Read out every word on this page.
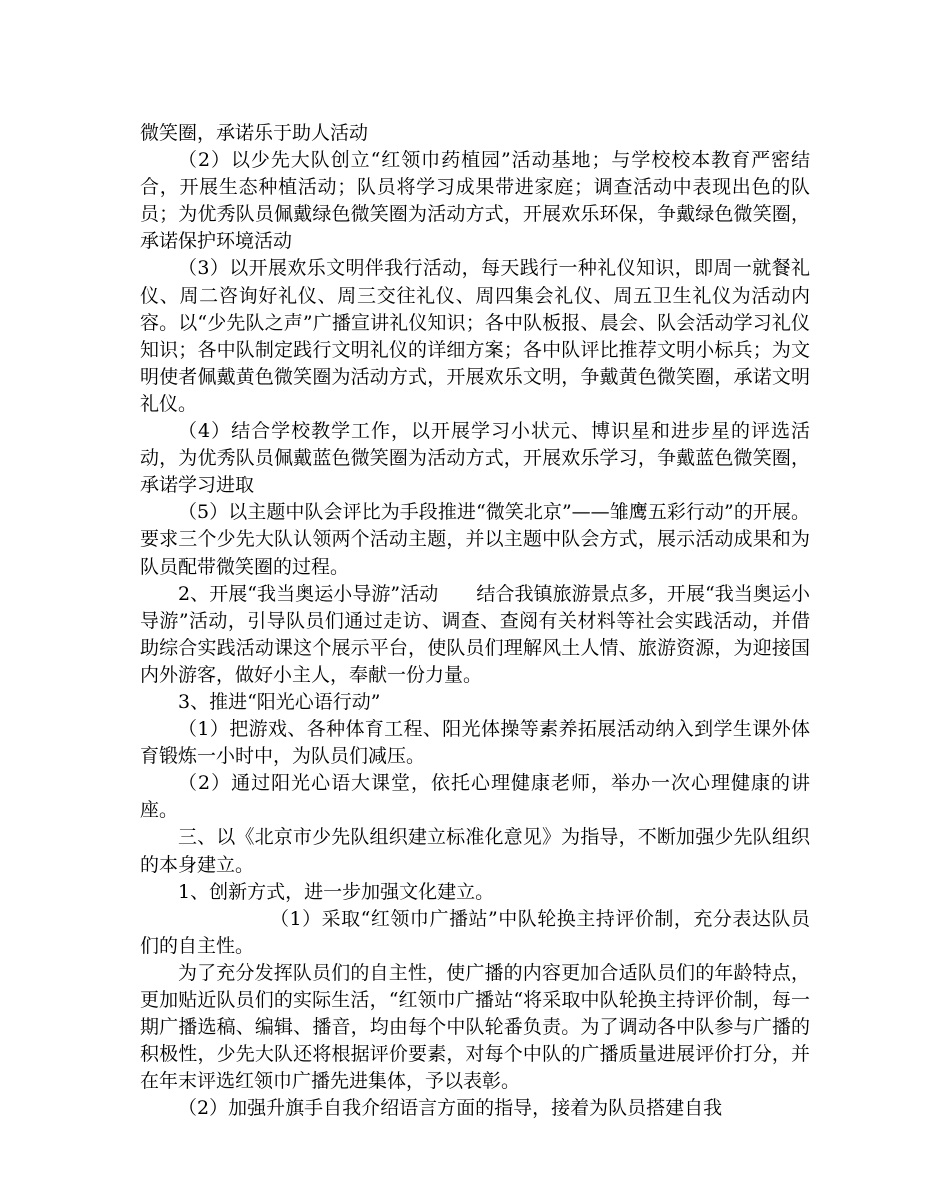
微笑圈，承诺乐于助人活动

（2）以少先大队创立“红领巾药植园”活动基地；与学校校本教育严密结合，开展生态种植活动；队员将学习成果带进家庭；调查活动中表现出色的队员；为优秀队员佩戴绿色微笑圈为活动方式，开展欢乐环保，争戴绿色微笑圈，承诺保护环境活动

（3）以开展欢乐文明伴我行活动，每天践行一种礼仪知识，即周一就餐礼仪、周二咨询好礼仪、周三交往礼仪、周四集会礼仪、周五卫生礼仪为活动内容。以“少先队之声”广播宣讲礼仪知识；各中队板报、晨会、队会活动学习礼仪知识；各中队制定践行文明礼仪的详细方案；各中队评比推荐文明小标兵；为文明使者佩戴黄色微笑圈为活动方式，开展欢乐文明，争戴黄色微笑圈，承诺文明礼仪。

（4）结合学校教学工作，以开展学习小状元、博识星和进步星的评选活动，为优秀队员佩戴蓝色微笑圈为活动方式，开展欢乐学习，争戴蓝色微笑圈，承诺学习进取

（5）以主题中队会评比为手段推进“微笑北京”——雏鹰五彩行动”的开展。要求三个少先大队认领两个活动主题，并以主题中队会方式，展示活动成果和为队员配带微笑圈的过程。

2、开展“我当奥运小导游”活动　　结合我镇旅游景点多，开展“我当奥运小导游”活动，引导队员们通过走访、调查、查阅有关材料等社会实践活动，并借助综合实践活动课这个展示平台，使队员们理解风土人情、旅游资源，为迎接国内外游客，做好小主人，奉献一份力量。

3、推进“阳光心语行动”

（1）把游戏、各种体育工程、阳光体操等素养拓展活动纳入到学生课外体育锻炼一小时中，为队员们减压。

（2）通过阳光心语大课堂，依托心理健康老师，举办一次心理健康的讲座。

三、以《北京市少先队组织建立标准化意见》为指导，不断加强少先队组织的本身建立。

1、创新方式，进一步加强文化建立。

（1）采取“红领巾广播站”中队轮换主持评价制，充分表达队员们的自主性。

为了充分发挥队员们的自主性，使广播的内容更加合适队员们的年龄特点，更加贴近队员们的实际生活，“红领巾广播站“将采取中队轮换主持评价制，每一期广播选稿、编辑、播音，均由每个中队轮番负责。为了调动各中队参与广播的积极性，少先大队还将根据评价要素，对每个中队的广播质量进展评价打分，并在年末评选红领巾广播先进集体，予以表彰。

（2）加强升旗手自我介绍语言方面的指导，接着为队员搭建自我
